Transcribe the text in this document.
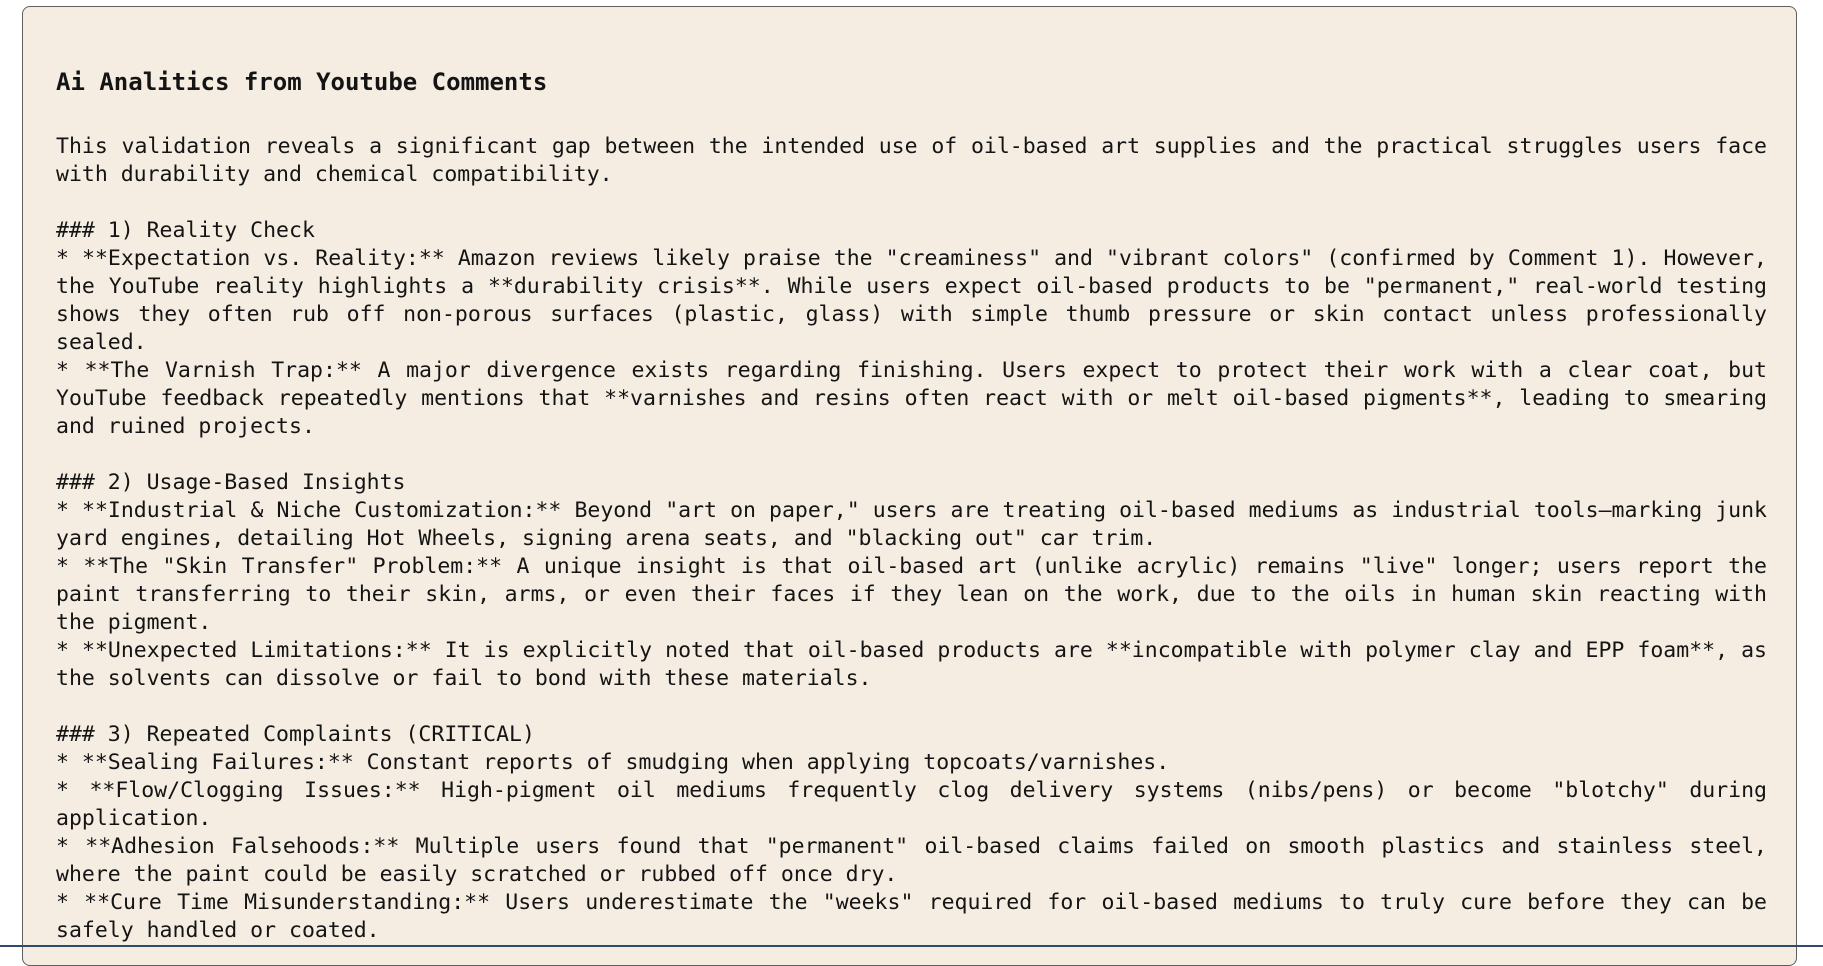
Ai Analitics from Youtube Comments

This validation reveals a significant gap between the intended use of oil-based art supplies and the practical struggles users face with durability and chemical compatibility.

### 1) Reality Check

* **Expectation vs. Reality:** Amazon reviews likely praise the "creaminess" and "vibrant colors" (confirmed by Comment 1). However, the YouTube reality highlights a **durability crisis**. While users expect oil-based products to be "permanent," real-world testing shows they often rub off non-porous surfaces (plastic, glass) with simple thumb pressure or skin contact unless professionally sealed.

* **The Varnish Trap:** A major divergence exists regarding finishing. Users expect to protect their work with a clear coat, but YouTube feedback repeatedly mentions that **varnishes and resins often react with or melt oil-based pigments**, leading to smearing and ruined projects.

### 2) Usage-Based Insights

* **Industrial & Niche Customization:** Beyond "art on paper," users are treating oil-based mediums as industrial tools—marking junk yard engines, detailing Hot Wheels, signing arena seats, and "blacking out" car trim.

* **The "Skin Transfer" Problem:** A unique insight is that oil-based art (unlike acrylic) remains "live" longer; users report the paint transferring to their skin, arms, or even their faces if they lean on the work, due to the oils in human skin reacting with the pigment.

* **Unexpected Limitations:** It is explicitly noted that oil-based products are **incompatible with polymer clay and EPP foam**, as the solvents can dissolve or fail to bond with these materials.

### 3) Repeated Complaints (CRITICAL)

* **Sealing Failures:** Constant reports of smudging when applying topcoats/varnishes.

* **Flow/Clogging Issues:** High-pigment oil mediums frequently clog delivery systems (nibs/pens) or become "blotchy" during application.

* **Adhesion Falsehoods:** Multiple users found that "permanent" oil-based claims failed on smooth plastics and stainless steel, where the paint could be easily scratched or rubbed off once dry.

* **Cure Time Misunderstanding:** Users underestimate the "weeks" required for oil-based mediums to truly cure before they can be safely handled or coated.
